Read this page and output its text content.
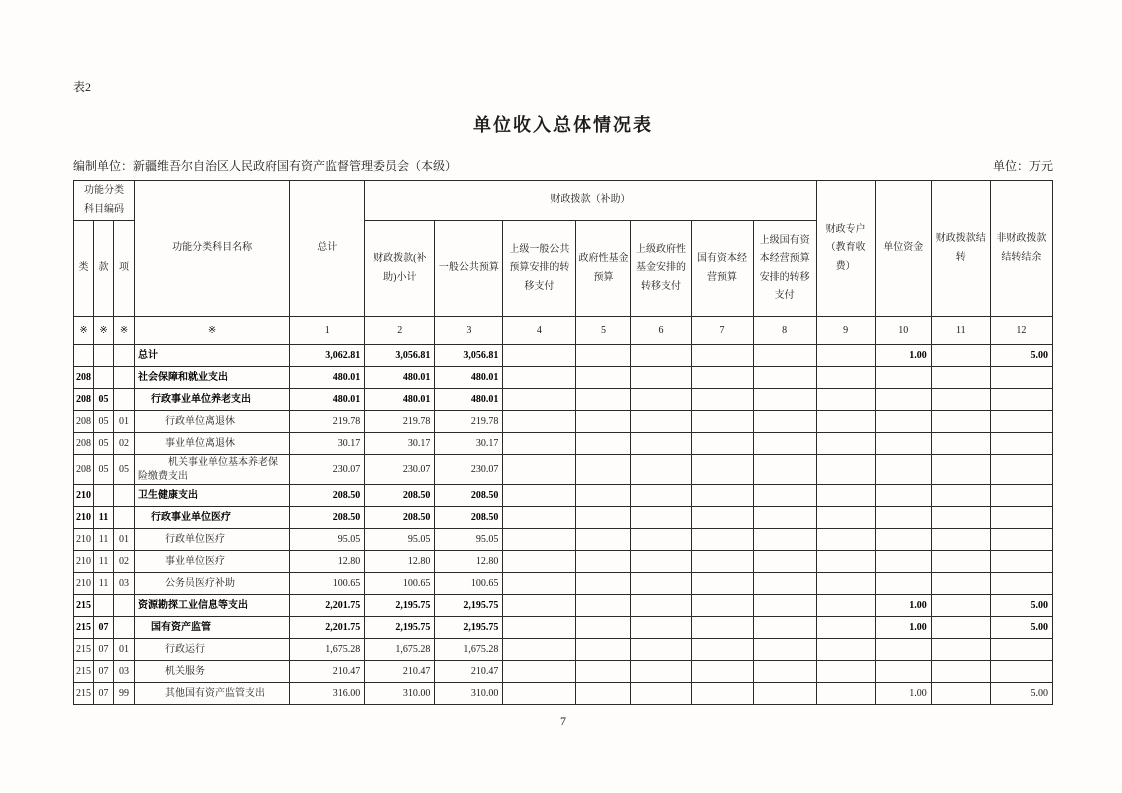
表2
单位收入总体情况表
编制单位：新疆维吾尔自治区人民政府国有资产监督管理委员会（本级）	单位：万元
功能分类科目编码			功能分类科目名称	总计	财政拨款（补助）							财政专户（教育收费）	单位资金	财政拨款结转	非财政拨款结转结余
类	款	项			财政拨款(补助)小计	一般公共预算	上级一般公共预算安排的转移支付	政府性基金预算	上级政府性基金安排的转移支付	国有资本经营预算	上级国有资本经营预算安排的转移支付				
※	※	※	※	1	2	3	4	5	6	7	8	9	10	11	12
			总计	3,062.81	3,056.81	3,056.81							1.00		5.00
208			社会保障和就业支出	480.01	480.01	480.01									
208	05		行政事业单位养老支出	480.01	480.01	480.01									
208	05	01	行政单位离退休	219.78	219.78	219.78									
208	05	02	事业单位离退休	30.17	30.17	30.17									
208	05	05	机关事业单位基本养老保险缴费支出	230.07	230.07	230.07									
210			卫生健康支出	208.50	208.50	208.50									
210	11		行政事业单位医疗	208.50	208.50	208.50									
210	11	01	行政单位医疗	95.05	95.05	95.05									
210	11	02	事业单位医疗	12.80	12.80	12.80									
210	11	03	公务员医疗补助	100.65	100.65	100.65									
215			资源勘探工业信息等支出	2,201.75	2,195.75	2,195.75							1.00		5.00
215	07		国有资产监管	2,201.75	2,195.75	2,195.75							1.00		5.00
215	07	01	行政运行	1,675.28	1,675.28	1,675.28									
215	07	03	机关服务	210.47	210.47	210.47									
215	07	99	其他国有资产监管支出	316.00	310.00	310.00							1.00		5.00
7
